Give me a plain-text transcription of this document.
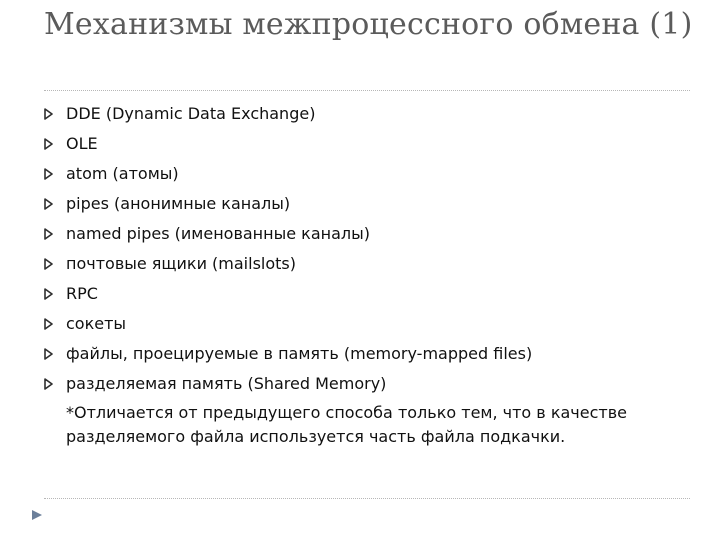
Механизмы межпроцессного обмена (1)
DDE (Dynamic Data Exchange)
OLE
atom (атомы)
pipes (анонимные каналы)
named pipes (именованные каналы)
почтовые ящики (mailslots)
RPC
сокеты
файлы, проецируемые в память (memory-mapped files)
разделяемая память (Shared Memory)
*Отличается от предыдущего способа только тем, что в качестве разделяемого файла используется часть файла подкачки.
